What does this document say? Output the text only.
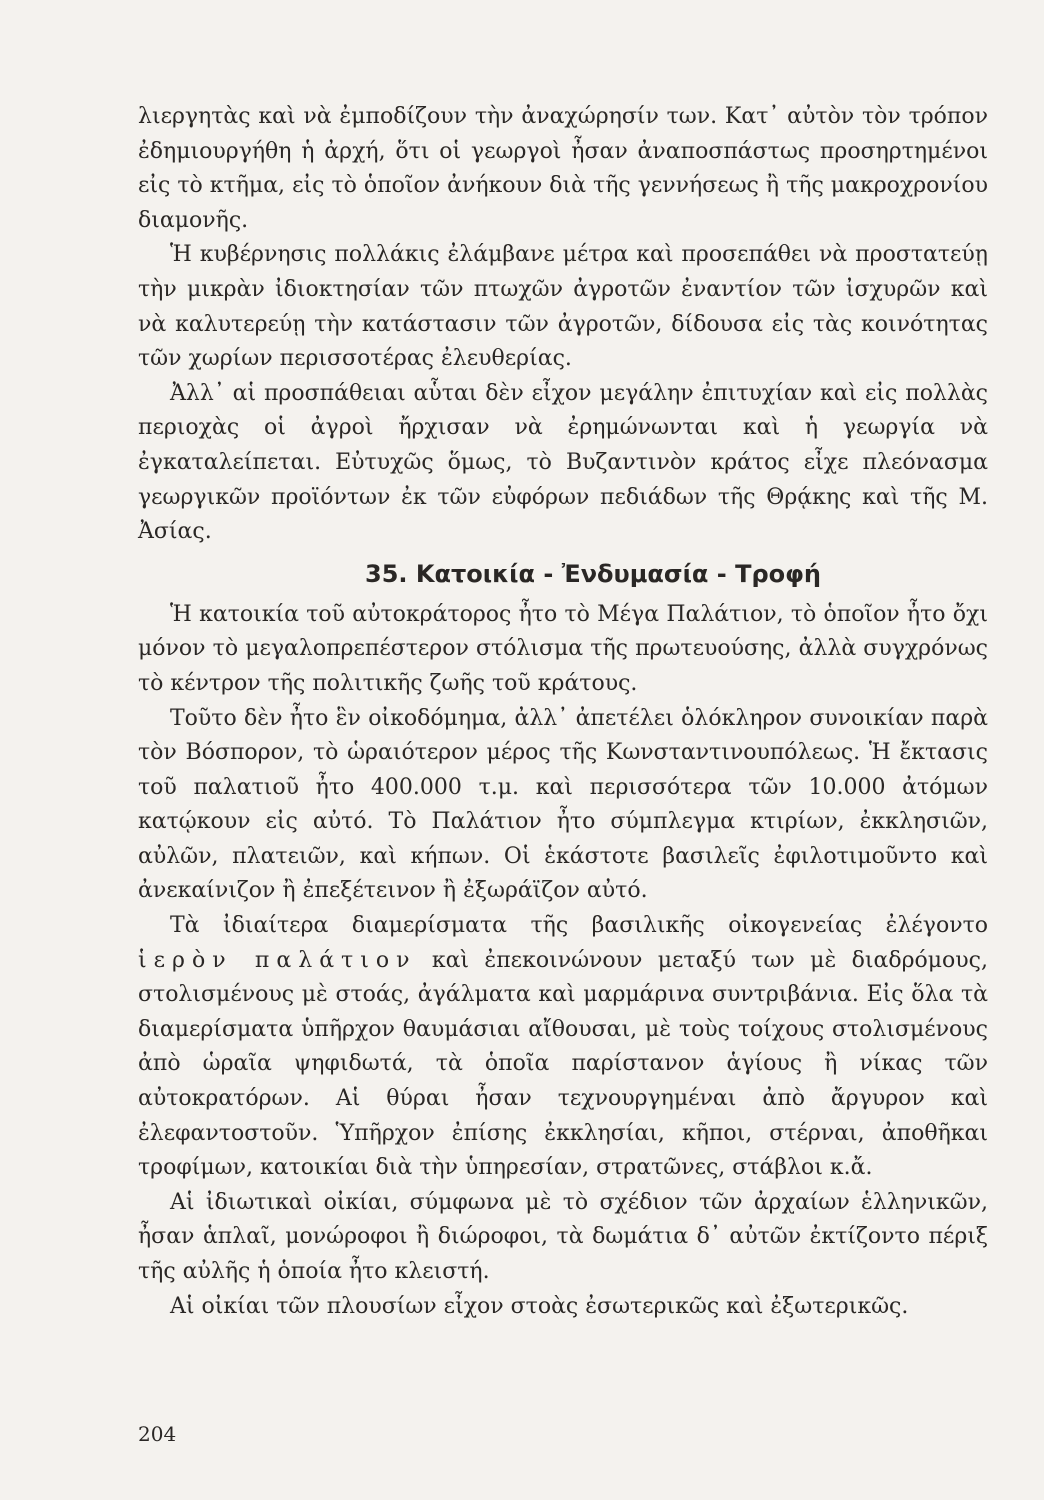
λιεργητὰς καὶ νὰ ἐμποδίζουν τὴν ἀναχώρησίν των. Κατ᾽ αὐτὸν τὸν τρόπον ἐδημιουργήθη ἡ ἀρχή, ὅτι οἱ γεωργοὶ ἦσαν ἀναποσπάστως προσηρτημένοι εἰς τὸ κτῆμα, εἰς τὸ ὁποῖον ἀνήκουν διὰ τῆς γεννήσεως ἢ τῆς μακροχρονίου διαμονῆς.

Ἡ κυβέρνησις πολλάκις ἐλάμβανε μέτρα καὶ προσεπάθει νὰ προστατεύῃ τὴν μικρὰν ἰδιοκτησίαν τῶν πτωχῶν ἀγροτῶν ἐναντίον τῶν ἰσχυρῶν καὶ νὰ καλυτερεύῃ τὴν κατάστασιν τῶν ἀγροτῶν, δίδουσα εἰς τὰς κοινότητας τῶν χωρίων περισσοτέρας ἐλευθερίας.

Ἀλλ᾽ αἱ προσπάθειαι αὗται δὲν εἶχον μεγάλην ἐπιτυχίαν καὶ εἰς πολλὰς περιοχὰς οἱ ἀγροὶ ἤρχισαν νὰ ἐρημώνωνται καὶ ἡ γεωργία νὰ ἐγκαταλείπεται. Εὐτυχῶς ὅμως, τὸ Βυζαντινὸν κράτος εἶχε πλεόνασμα γεωργικῶν προϊόντων ἐκ τῶν εὐφόρων πεδιάδων τῆς Θρᾴκης καὶ τῆς Μ. Ἀσίας.

35. Κατοικία - Ἐνδυμασία - Τροφή

Ἡ κατοικία τοῦ αὐτοκράτορος ἦτο τὸ Μέγα Παλάτιον, τὸ ὁποῖον ἦτο ὄχι μόνον τὸ μεγαλοπρεπέστερον στόλισμα τῆς πρωτευούσης, ἀλλὰ συγχρόνως τὸ κέντρον τῆς πολιτικῆς ζωῆς τοῦ κράτους.

Τοῦτο δὲν ἦτο ἓν οἰκοδόμημα, ἀλλ᾽ ἀπετέλει ὁλόκληρον συνοικίαν παρὰ τὸν Βόσπορον, τὸ ὡραιότερον μέρος τῆς Κωνσταντινουπόλεως. Ἡ ἔκτασις τοῦ παλατιοῦ ἦτο 400.000 τ.μ. καὶ περισσότερα τῶν 10.000 ἀτόμων κατῴκουν εἰς αὐτό. Τὸ Παλάτιον ἦτο σύμπλεγμα κτιρίων, ἐκκλησιῶν, αὐλῶν, πλατειῶν, καὶ κήπων. Οἱ ἑκάστοτε βασιλεῖς ἐφιλοτιμοῦντο καὶ ἀνεκαίνιζον ἢ ἐπεξέτεινον ἢ ἐξωράϊζον αὐτό.

Τὰ ἰδιαίτερα διαμερίσματα τῆς βασιλικῆς οἰκογενείας ἐλέγοντο ἱερὸν παλάτιον καὶ ἐπεκοινώνουν μεταξύ των μὲ διαδρόμους, στολισμένους μὲ στοάς, ἀγάλματα καὶ μαρμάρινα συντριβάνια. Εἰς ὅλα τὰ διαμερίσματα ὑπῆρχον θαυμάσιαι αἴθουσαι, μὲ τοὺς τοίχους στολισμένους ἀπὸ ὡραῖα ψηφιδωτά, τὰ ὁποῖα παρίστανον ἁγίους ἢ νίκας τῶν αὐτοκρατόρων. Αἱ θύραι ἦσαν τεχνουργημέναι ἀπὸ ἄργυρον καὶ ἐλεφαντοστοῦν. Ὑπῆρχον ἐπίσης ἐκκλησίαι, κῆποι, στέρναι, ἀποθῆκαι τροφίμων, κατοικίαι διὰ τὴν ὑπηρεσίαν, στρατῶνες, στάβλοι κ.ἄ.

Αἱ ἰδιωτικαὶ οἰκίαι, σύμφωνα μὲ τὸ σχέδιον τῶν ἀρχαίων ἑλληνικῶν, ἦσαν ἁπλαῖ, μονώροφοι ἢ διώροφοι, τὰ δωμάτια δ᾽ αὐτῶν ἐκτίζοντο πέριξ τῆς αὐλῆς ἡ ὁποία ἦτο κλειστή.

Αἱ οἰκίαι τῶν πλουσίων εἶχον στοὰς ἐσωτερικῶς καὶ ἐξωτερικῶς.

204
